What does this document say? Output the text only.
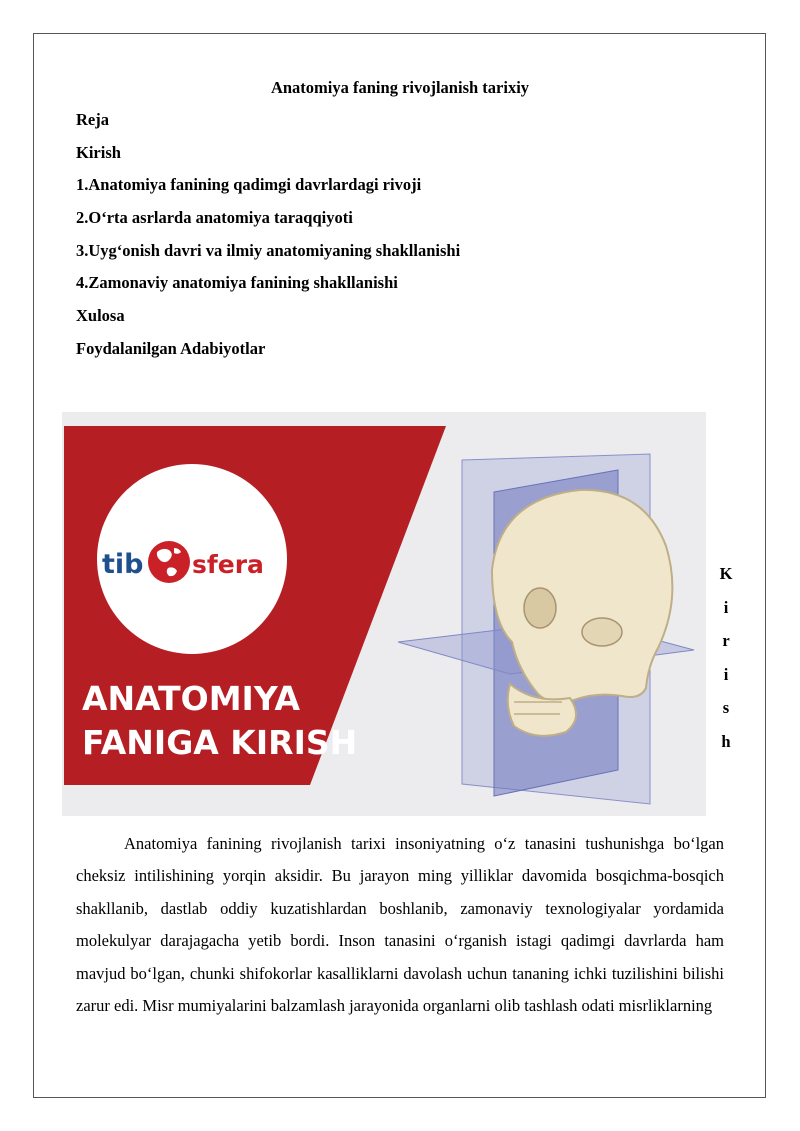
Anatomiya faning rivojlanish tarixiy
Reja
Kirish
1.Anatomiya fanining qadimgi davrlardagi rivoji
2.O‘rta asrlarda anatomiya taraqqiyoti
3.Uyg‘onish davri va ilmiy anatomiyaning shakllanishi
4.Zamonaviy anatomiya fanining shakllanishi
Xulosa
Foydalanilgan Adabiyotlar
tib sfera
ANATOMIYA
FANIGA KIRISH
K
i
r
i
s
h

Anatomiya fanining rivojlanish tarixi insoniyatning o‘z tanasini tushunishga bo‘lgan cheksiz intilishining yorqin aksidir. Bu jarayon ming yilliklar davomida bosqichma-bosqich shakllanib, dastlab oddiy kuzatishlardan boshlanib, zamonaviy texnologiyalar yordamida molekulyar darajagacha yetib bordi. Inson tanasini o‘rganish istagi qadimgi davrlarda ham mavjud bo‘lgan, chunki shifokorlar kasalliklarni davolash uchun tananing ichki tuzilishini bilishi zarur edi. Misr mumiyalarini balzamlash jarayonida organlarni olib tashlash odati misrliklarning
